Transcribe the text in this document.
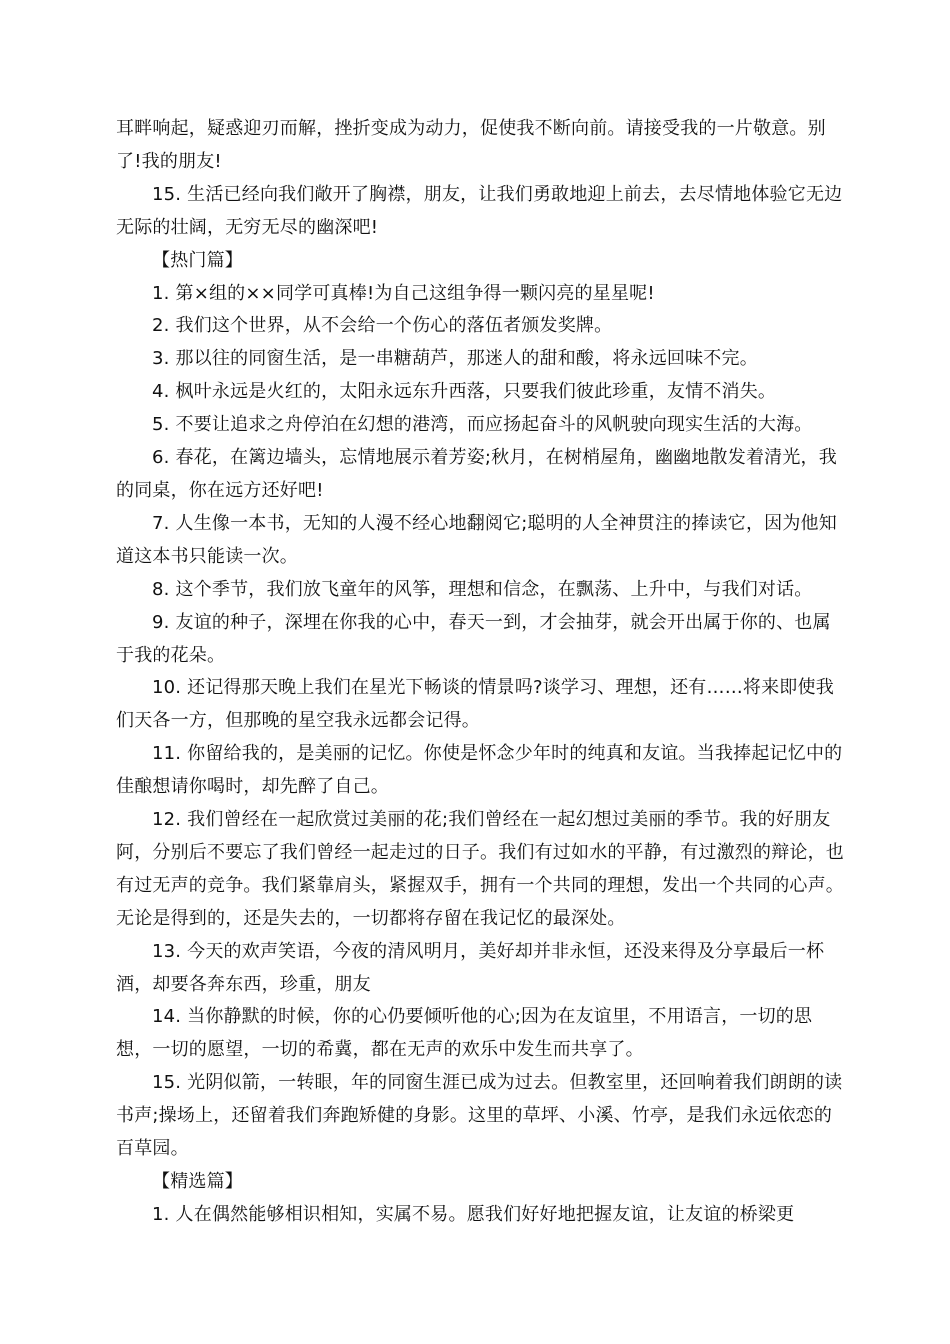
耳畔响起，疑惑迎刃而解，挫折变成为动力，促使我不断向前。请接受我的一片敬意。别了!我的朋友!

15. 生活已经向我们敞开了胸襟，朋友，让我们勇敢地迎上前去，去尽情地体验它无边无际的壮阔，无穷无尽的幽深吧!

【热门篇】

1. 第×组的××同学可真棒!为自己这组争得一颗闪亮的星星呢!

2. 我们这个世界，从不会给一个伤心的落伍者颁发奖牌。

3. 那以往的同窗生活，是一串糖葫芦，那迷人的甜和酸，将永远回味不完。

4. 枫叶永远是火红的，太阳永远东升西落，只要我们彼此珍重，友情不消失。

5. 不要让追求之舟停泊在幻想的港湾，而应扬起奋斗的风帆驶向现实生活的大海。

6. 春花，在篱边墙头，忘情地展示着芳姿;秋月，在树梢屋角，幽幽地散发着清光，我的同桌，你在远方还好吧!

7. 人生像一本书，无知的人漫不经心地翻阅它;聪明的人全神贯注的捧读它，因为他知道这本书只能读一次。

8. 这个季节，我们放飞童年的风筝，理想和信念，在飘荡、上升中，与我们对话。

9. 友谊的种子，深埋在你我的心中，春天一到，才会抽芽，就会开出属于你的、也属于我的花朵。

10. 还记得那天晚上我们在星光下畅谈的情景吗?谈学习、理想，还有……将来即使我们天各一方，但那晚的星空我永远都会记得。

11. 你留给我的，是美丽的记忆。你使是怀念少年时的纯真和友谊。当我捧起记忆中的佳酿想请你喝时，却先醉了自己。

12. 我们曾经在一起欣赏过美丽的花;我们曾经在一起幻想过美丽的季节。我的好朋友阿，分别后不要忘了我们曾经一起走过的日子。我们有过如水的平静，有过激烈的辩论，也有过无声的竞争。我们紧靠肩头，紧握双手，拥有一个共同的理想，发出一个共同的心声。无论是得到的，还是失去的，一切都将存留在我记忆的最深处。

13. 今天的欢声笑语，今夜的清风明月，美好却并非永恒，还没来得及分享最后一杯酒，却要各奔东西，珍重，朋友

14. 当你静默的时候，你的心仍要倾听他的心;因为在友谊里，不用语言，一切的思想，一切的愿望，一切的希冀，都在无声的欢乐中发生而共享了。

15. 光阴似箭，一转眼，年的同窗生涯已成为过去。但教室里，还回响着我们朗朗的读书声;操场上，还留着我们奔跑矫健的身影。这里的草坪、小溪、竹亭，是我们永远依恋的百草园。

【精选篇】

1. 人在偶然能够相识相知，实属不易。愿我们好好地把握友谊，让友谊的桥梁更
